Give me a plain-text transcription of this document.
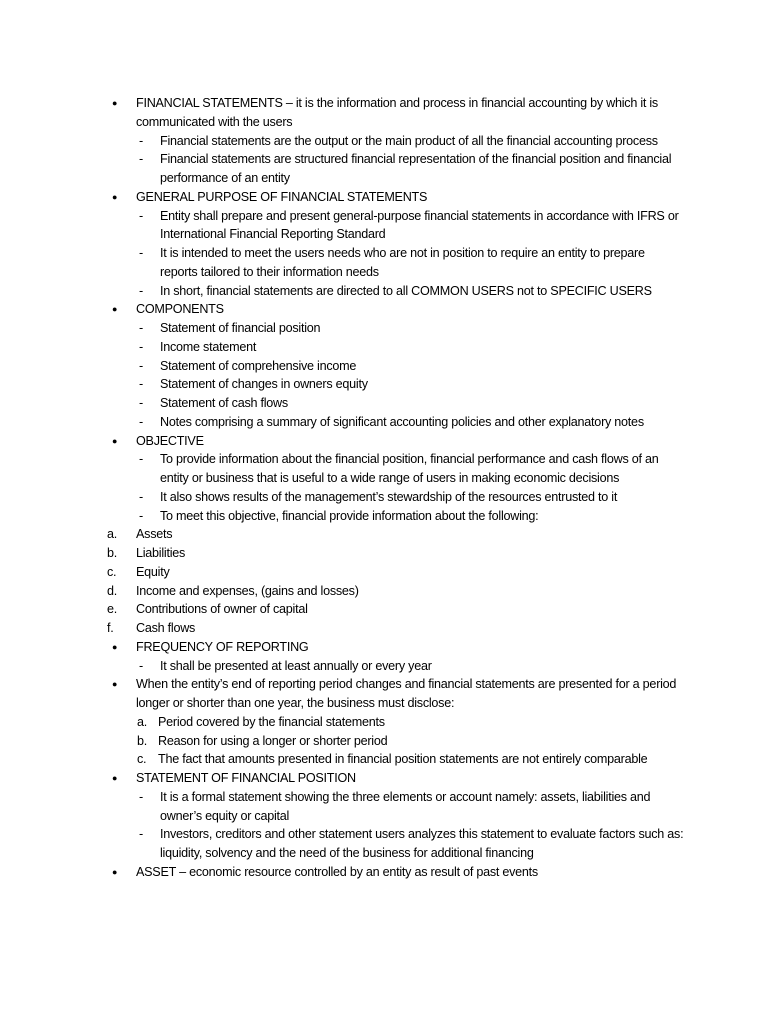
●	FINANCIAL STATEMENTS – it is the information and process in financial accounting by which it is communicated with the users
-	Financial statements are the output or the main product of all the financial accounting process
-	Financial statements are structured financial representation of the financial position and financial performance of an entity
●	GENERAL PURPOSE OF FINANCIAL STATEMENTS
-	Entity shall prepare and present general-purpose financial statements in accordance with IFRS or International Financial Reporting Standard
-	It is intended to meet the users needs who are not in position to require an entity to prepare reports tailored to their information needs
-	In short, financial statements are directed to all COMMON USERS not to SPECIFIC USERS
●	COMPONENTS
-	Statement of financial position
-	Income statement
-	Statement of comprehensive income
-	Statement of changes in owners equity
-	Statement of cash flows
-	Notes comprising a summary of significant accounting policies and other explanatory notes
●	OBJECTIVE
-	To provide information about the financial position, financial performance and cash flows of an entity or business that is useful to a wide range of users in making economic decisions
-	It also shows results of the management’s stewardship of the resources entrusted to it
-	To meet this objective, financial provide information about the following:
a.	Assets
b.	Liabilities
c.	Equity
d.	Income and expenses, (gains and losses)
e.	Contributions of owner of capital
f.	Cash flows
●	FREQUENCY OF REPORTING
-	It shall be presented at least annually or every year
●	When the entity’s end of reporting period changes and financial statements are presented for a period longer or shorter than one year, the business must disclose:
a. Period covered by the financial statements
b. Reason for using a longer or shorter period
c. The fact that amounts presented in financial position statements are not entirely comparable
●	STATEMENT OF FINANCIAL POSITION
-	It is a formal statement showing the three elements or account namely: assets, liabilities and owner’s equity or capital
-	Investors, creditors and other statement users analyzes this statement to evaluate factors such as: liquidity, solvency and the need of the business for additional financing
●	ASSET – economic resource controlled by an entity as result of past events
